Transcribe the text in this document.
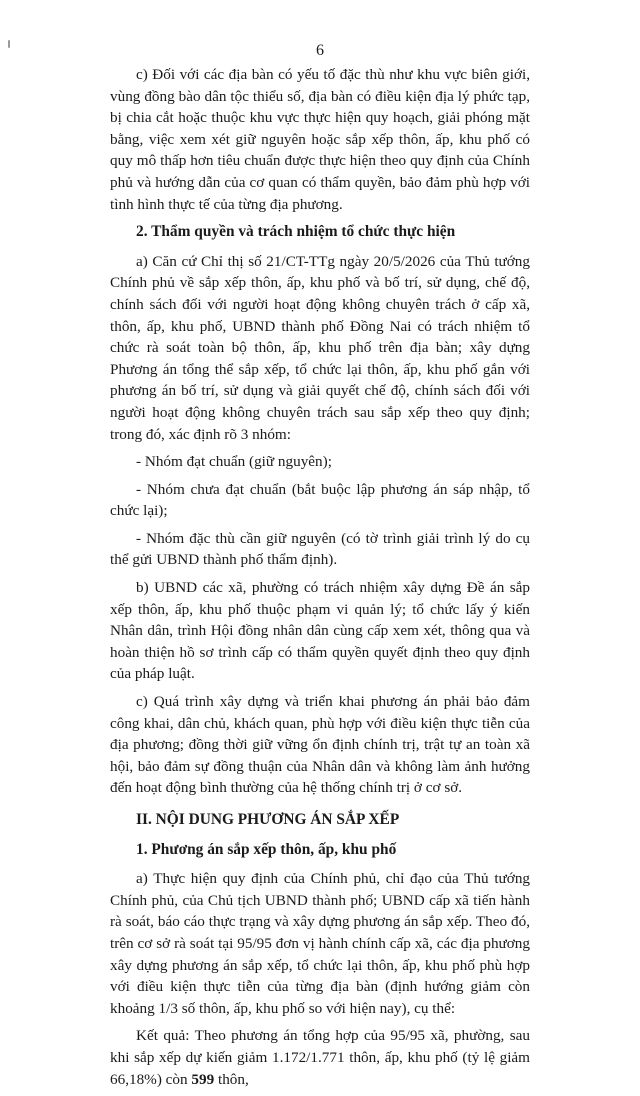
6

c) Đối với các địa bàn có yếu tố đặc thù như khu vực biên giới, vùng đồng bào dân tộc thiểu số, địa bàn có điều kiện địa lý phức tạp, bị chia cắt hoặc thuộc khu vực thực hiện quy hoạch, giải phóng mặt bằng, việc xem xét giữ nguyên hoặc sắp xếp thôn, ấp, khu phố có quy mô thấp hơn tiêu chuẩn được thực hiện theo quy định của Chính phủ và hướng dẫn của cơ quan có thẩm quyền, bảo đảm phù hợp với tình hình thực tế của từng địa phương.

2. Thẩm quyền và trách nhiệm tổ chức thực hiện

a) Căn cứ Chỉ thị số 21/CT-TTg ngày 20/5/2026 của Thủ tướng Chính phủ về sắp xếp thôn, ấp, khu phố và bố trí, sử dụng, chế độ, chính sách đối với người hoạt động không chuyên trách ở cấp xã, thôn, ấp, khu phố, UBND thành phố Đồng Nai có trách nhiệm tổ chức rà soát toàn bộ thôn, ấp, khu phố trên địa bàn; xây dựng Phương án tổng thể sắp xếp, tổ chức lại thôn, ấp, khu phố gắn với phương án bố trí, sử dụng và giải quyết chế độ, chính sách đối với người hoạt động không chuyên trách sau sắp xếp theo quy định; trong đó, xác định rõ 3 nhóm:

- Nhóm đạt chuẩn (giữ nguyên);

- Nhóm chưa đạt chuẩn (bắt buộc lập phương án sáp nhập, tổ chức lại);

- Nhóm đặc thù cần giữ nguyên (có tờ trình giải trình lý do cụ thể gửi UBND thành phố thẩm định).

b) UBND các xã, phường có trách nhiệm xây dựng Đề án sắp xếp thôn, ấp, khu phố thuộc phạm vi quản lý; tổ chức lấy ý kiến Nhân dân, trình Hội đồng nhân dân cùng cấp xem xét, thông qua và hoàn thiện hồ sơ trình cấp có thẩm quyền quyết định theo quy định của pháp luật.

c) Quá trình xây dựng và triển khai phương án phải bảo đảm công khai, dân chủ, khách quan, phù hợp với điều kiện thực tiễn của địa phương; đồng thời giữ vững ổn định chính trị, trật tự an toàn xã hội, bảo đảm sự đồng thuận của Nhân dân và không làm ảnh hưởng đến hoạt động bình thường của hệ thống chính trị ở cơ sở.

II. NỘI DUNG PHƯƠNG ÁN SẮP XẾP
1. Phương án sắp xếp thôn, ấp, khu phố

a) Thực hiện quy định của Chính phủ, chỉ đạo của Thủ tướng Chính phủ, của Chủ tịch UBND thành phố; UBND cấp xã tiến hành rà soát, báo cáo thực trạng và xây dựng phương án sắp xếp. Theo đó, trên cơ sở rà soát tại 95/95 đơn vị hành chính cấp xã, các địa phương xây dựng phương án sắp xếp, tổ chức lại thôn, ấp, khu phố phù hợp với điều kiện thực tiễn của từng địa bàn (định hướng giảm còn khoảng 1/3 số thôn, ấp, khu phố so với hiện nay), cụ thể:

Kết quả: Theo phương án tổng hợp của 95/95 xã, phường, sau khi sắp xếp dự kiến giảm 1.172/1.771 thôn, ấp, khu phố (tỷ lệ giảm 66,18%) còn 599 thôn,
